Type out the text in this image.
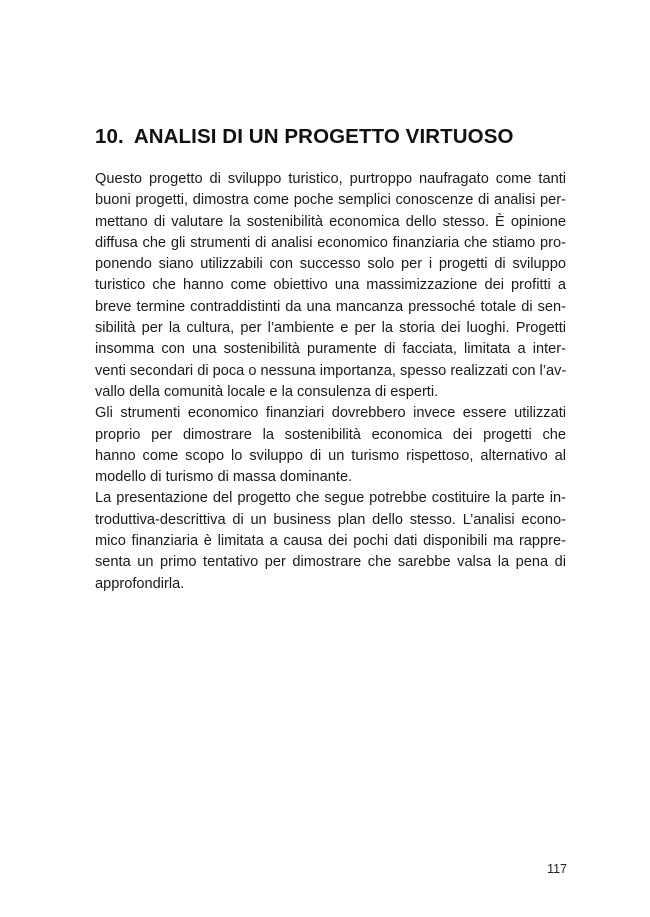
10. ANALISI DI UN PROGETTO VIRTUOSO

Questo progetto di sviluppo turistico, purtroppo naufragato come tanti
buoni progetti, dimostra come poche semplici conoscenze di analisi per-
mettano di valutare la sostenibilità economica dello stesso. È opinione
diffusa che gli strumenti di analisi economico finanziaria che stiamo pro-
ponendo siano utilizzabili con successo solo per i progetti di sviluppo
turistico che hanno come obiettivo una massimizzazione dei profitti a
breve termine contraddistinti da una mancanza pressoché totale di sen-
sibilità per la cultura, per l’ambiente e per la storia dei luoghi. Progetti
insomma con una sostenibilità puramente di facciata, limitata a inter-
venti secondari di poca o nessuna importanza, spesso realizzati con l’av-
vallo della comunità locale e la consulenza di esperti.

Gli strumenti economico finanziari dovrebbero invece essere utilizzati
proprio per dimostrare la sostenibilità economica dei progetti che
hanno come scopo lo sviluppo di un turismo rispettoso, alternativo al
modello di turismo di massa dominante.

La presentazione del progetto che segue potrebbe costituire la parte in-
troduttiva-descrittiva di un business plan dello stesso. L’analisi econo-
mico finanziaria è limitata a causa dei pochi dati disponibili ma rappre-
senta un primo tentativo per dimostrare che sarebbe valsa la pena di
approfondirla.

117
